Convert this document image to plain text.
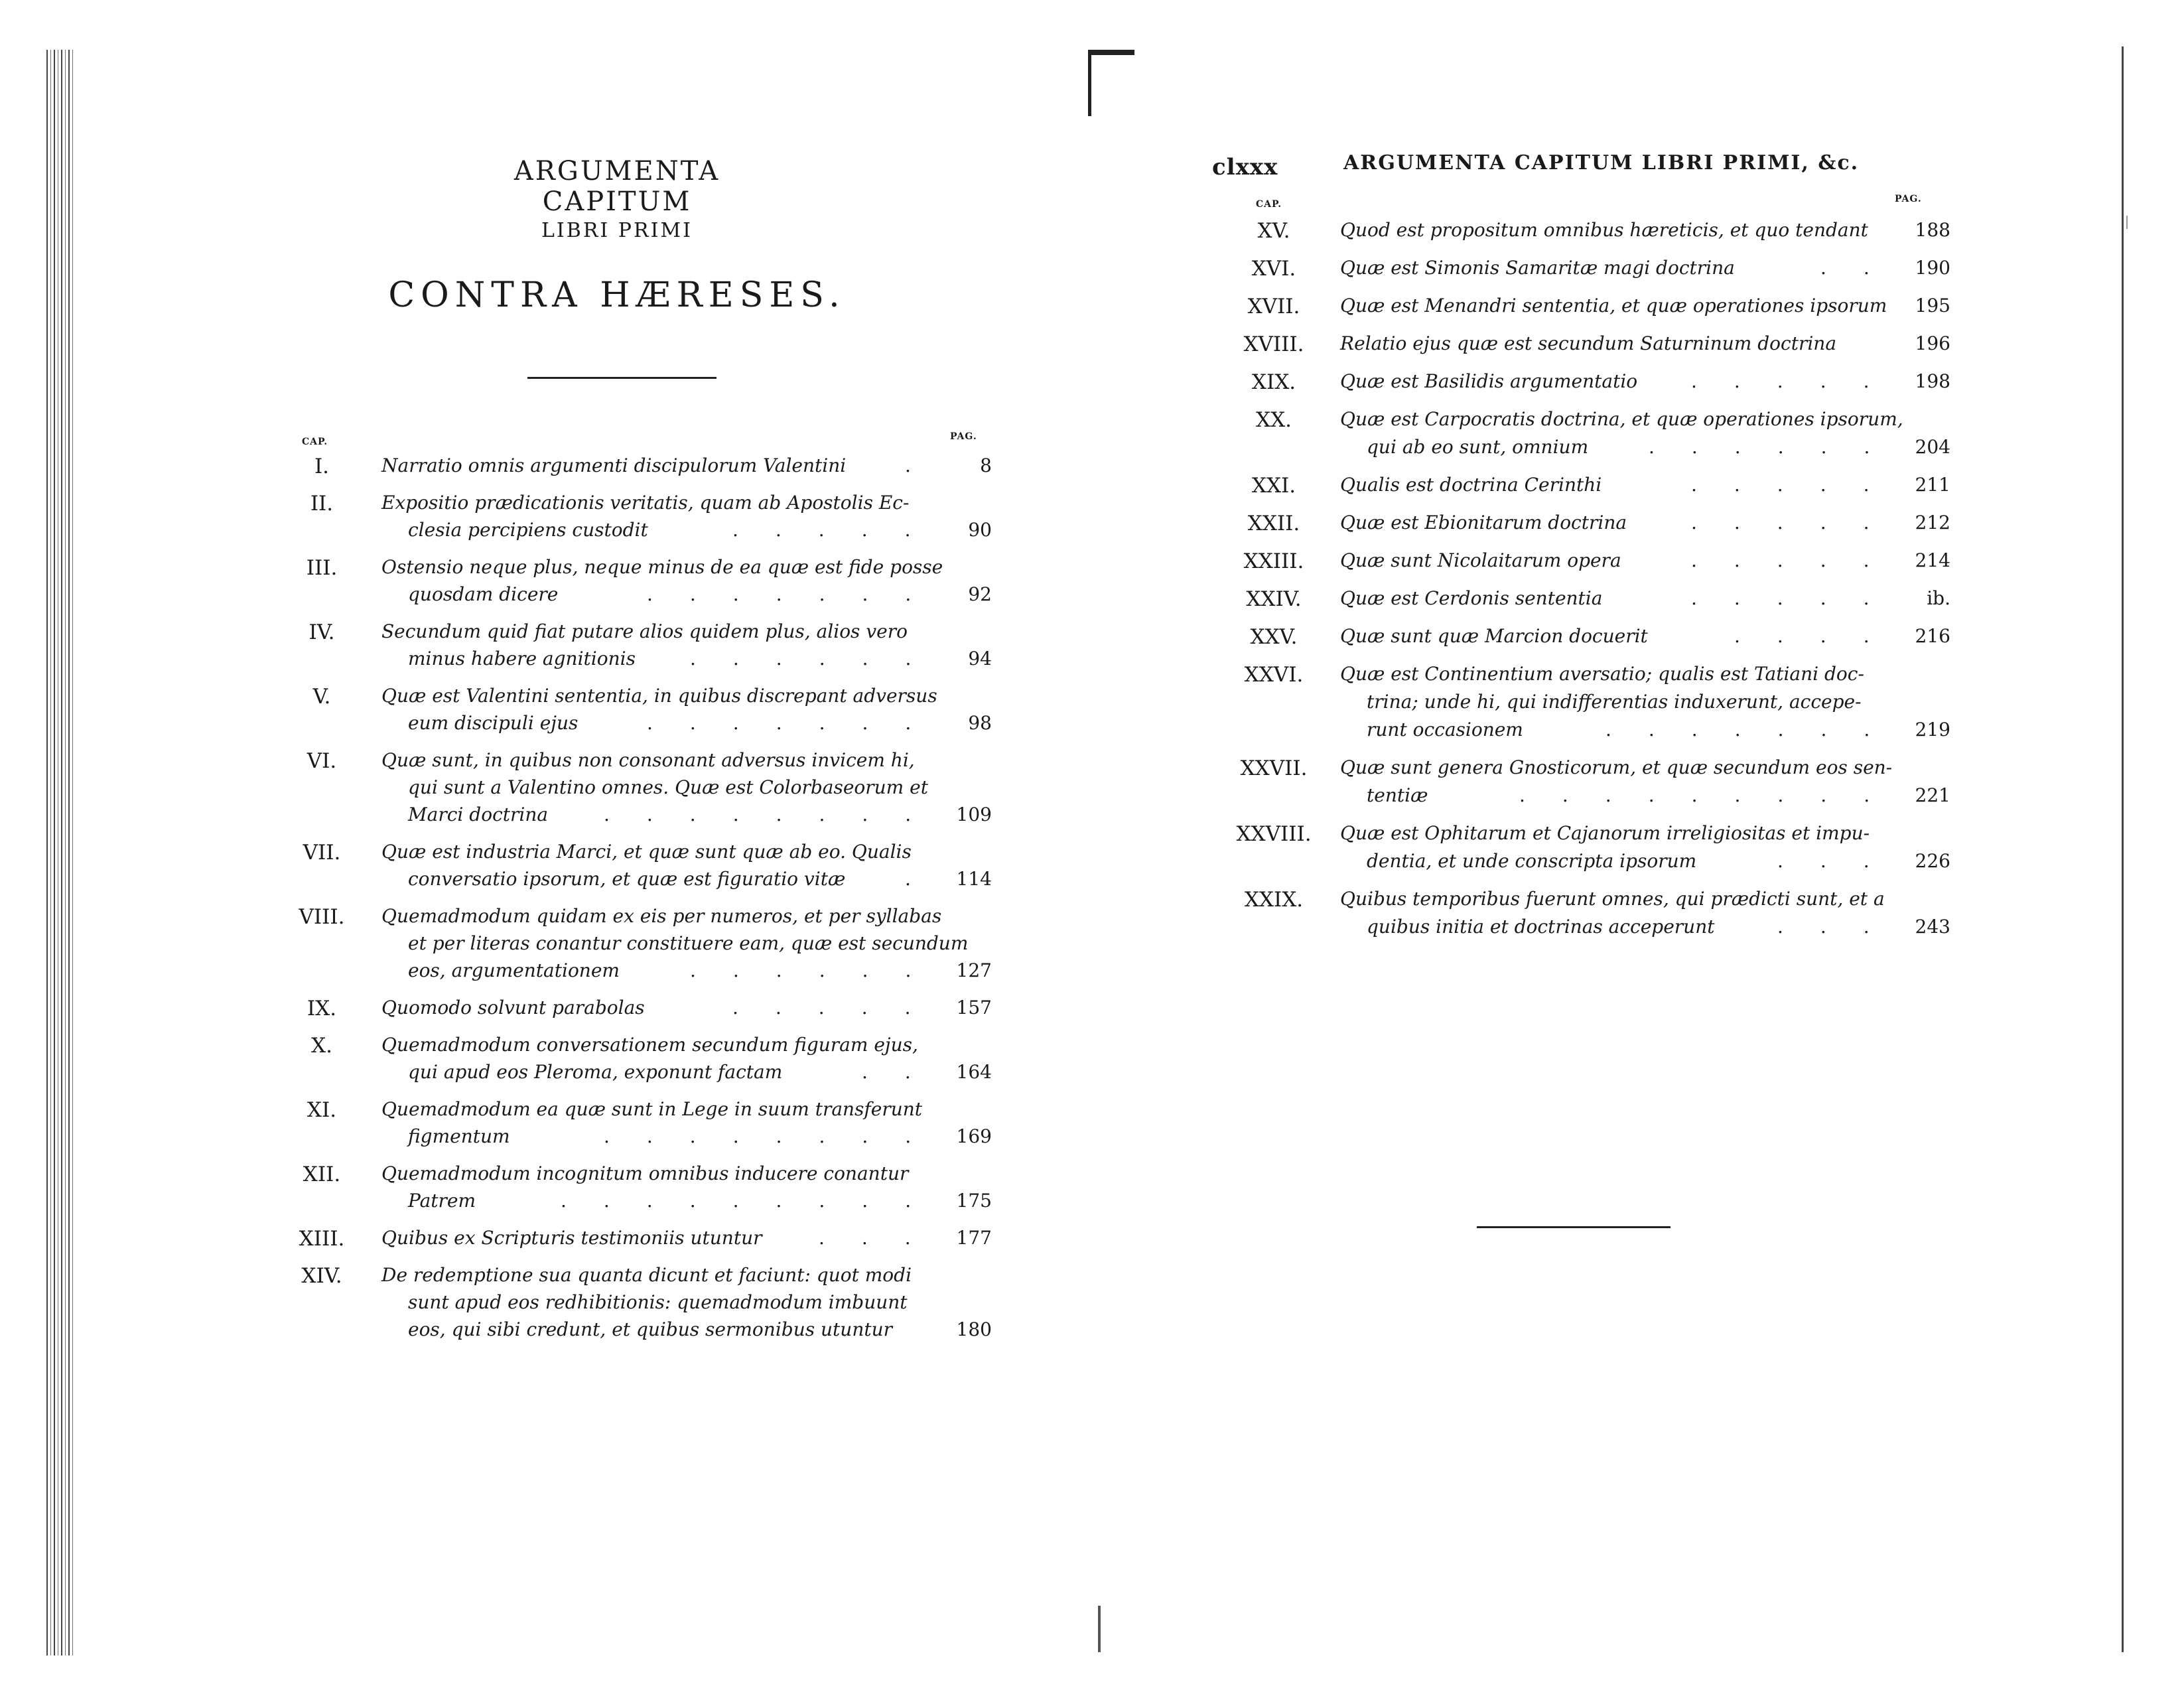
ARGUMENTA CAPITUM
LIBRI PRIMI
CONTRA HÆRESES.
CAP.	PAG.
I.	Narratio omnis argumenti discipulorum Valentini	8
.
II.	Expositio prædicationis veritatis, quam ab Apostolis Ec-
clesia percipiens custodit	90
.  .  .  .  .
III.	Ostensio neque plus, neque minus de ea quæ est fide posse
quosdam dicere	92
.  .  .  .  .  .  .
IV.	Secundum quid fiat putare alios quidem plus, alios vero
minus habere agnitionis	94
.  .  .  .  .  .
V.	Quæ est Valentini sententia, in quibus discrepant adversus
eum discipuli ejus	98
.  .  .  .  .  .  .
VI.	Quæ sunt, in quibus non consonant adversus invicem hi,
qui sunt a Valentino omnes. Quæ est Colorbaseorum et
Marci doctrina	109
.  .  .  .  .  .  .  .
VII.	Quæ est industria Marci, et quæ sunt quæ ab eo. Qualis
conversatio ipsorum, et quæ est figuratio vitæ	114
.
VIII.	Quemadmodum quidam ex eis per numeros, et per syllabas
et per literas conantur constituere eam, quæ est secundum
eos, argumentationem	127
.  .  .  .  .  .
IX.	Quomodo solvunt parabolas	157
.  .  .  .  .
X.	Quemadmodum conversationem secundum figuram ejus,
qui apud eos Pleroma, exponunt factam	164
.  .
XI.	Quemadmodum ea quæ sunt in Lege in suum transferunt
figmentum	169
.  .  .  .  .  .  .  .
XII.	Quemadmodum incognitum omnibus inducere conantur
Patrem	175
.  .  .  .  .  .  .  .  .
XIII.	Quibus ex Scripturis testimoniis utuntur	177
.  .  .
XIV.	De redemptione sua quanta dicunt et faciunt: quot modi
sunt apud eos redhibitionis: quemadmodum imbuunt
eos, qui sibi credunt, et quibus sermonibus utuntur	180
clxxx	ARGUMENTA CAPITUM LIBRI PRIMI, &c.
CAP.	PAG.
XV.	Quod est propositum omnibus hæreticis, et quo tendant	188
XVI.	Quæ est Simonis Samaritæ magi doctrina	190
.  .
XVII.	Quæ est Menandri sententia, et quæ operationes ipsorum	195
XVIII.	Relatio ejus quæ est secundum Saturninum doctrina	196
XIX.	Quæ est Basilidis argumentatio	198
.  .  .  .  .
XX.	Quæ est Carpocratis doctrina, et quæ operationes ipsorum,
qui ab eo sunt, omnium	204
.  .  .  .  .  .
XXI.	Qualis est doctrina Cerinthi	211
.  .  .  .  .
XXII.	Quæ est Ebionitarum doctrina	212
.  .  .  .  .
XXIII.	Quæ sunt Nicolaitarum opera	214
.  .  .  .  .
XXIV.	Quæ est Cerdonis sententia	ib.
.  .  .  .  .
XXV.	Quæ sunt quæ Marcion docuerit	216
.  .  .  .
XXVI.	Quæ est Continentium aversatio; qualis est Tatiani doc-
trina; unde hi, qui indifferentias induxerunt, accepe-
runt occasionem	219
.  .  .  .  .  .  .
XXVII.	Quæ sunt genera Gnosticorum, et quæ secundum eos sen-
tentiæ	221
.  .  .  .  .  .  .  .  .
XXVIII.	Quæ est Ophitarum et Cajanorum irreligiositas et impu-
dentia, et unde conscripta ipsorum	226
.  .  .
XXIX.	Quibus temporibus fuerunt omnes, qui prædicti sunt, et a
quibus initia et doctrinas acceperunt	243
.  .  .
